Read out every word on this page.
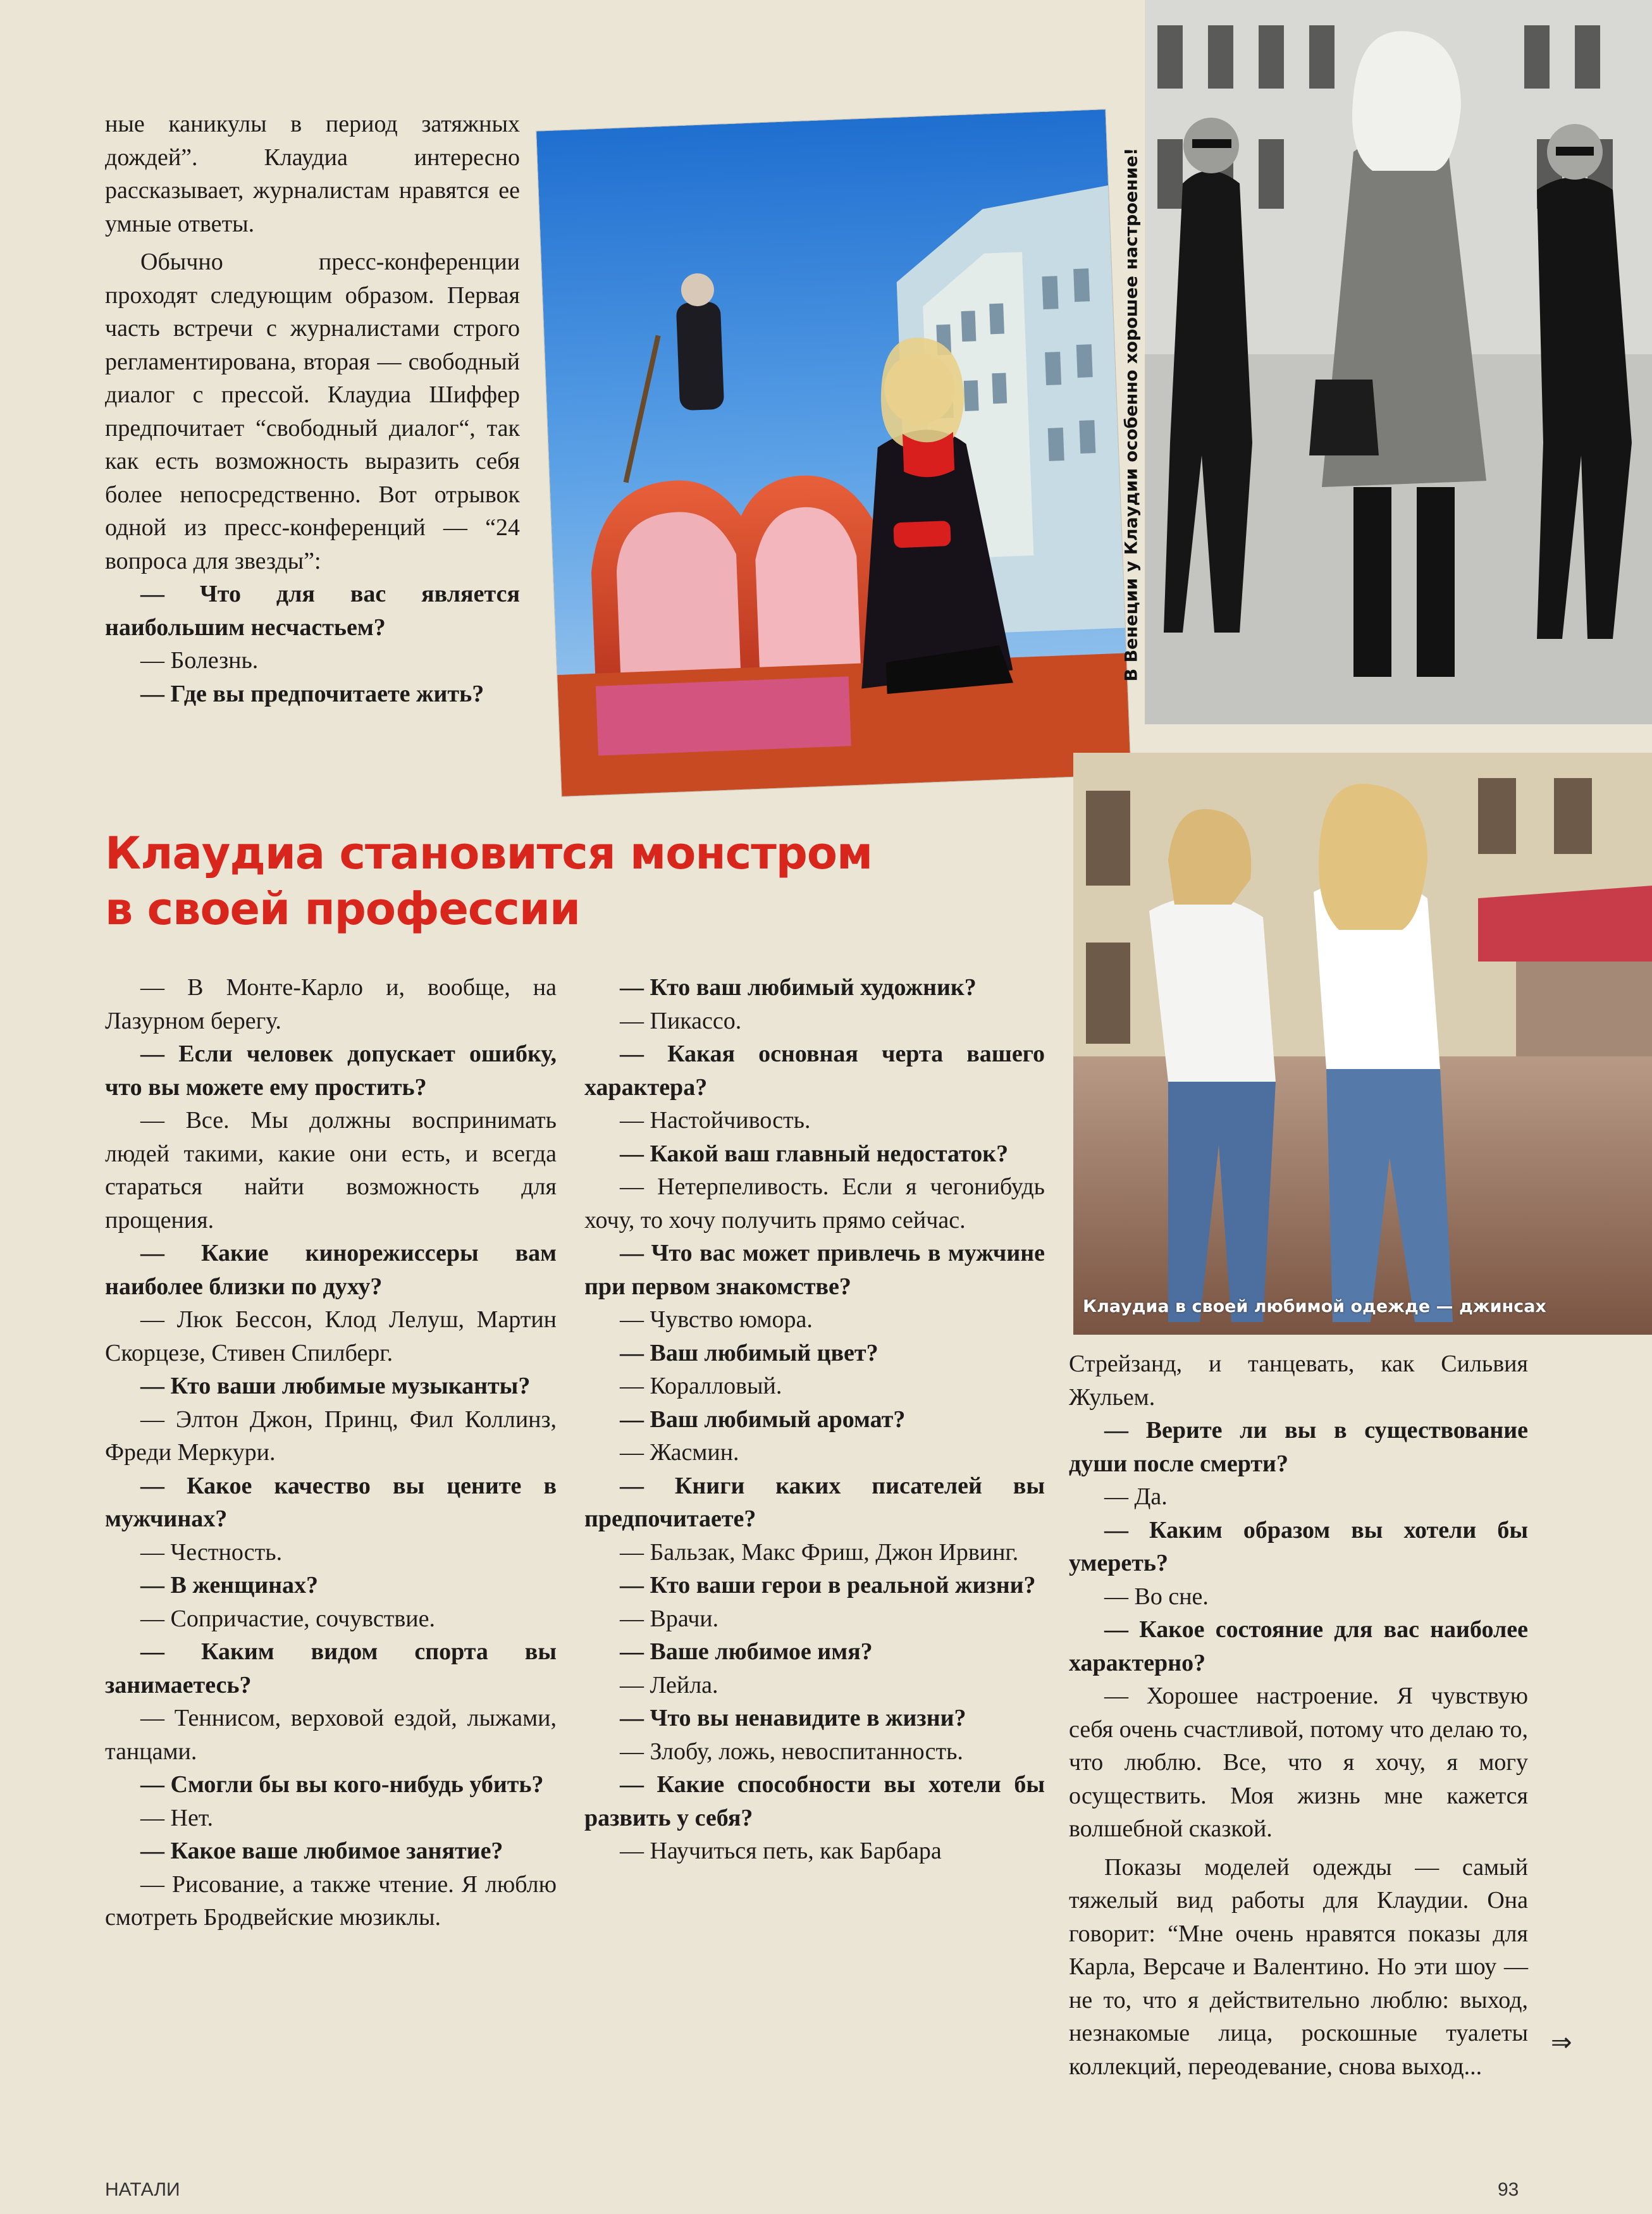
ные каникулы в период затяжных дождей”. Клаудиа интересно рассказывает, журналистам нравятся ее умные ответы.

Обычно пресс-конференции проходят следующим образом. Первая часть встречи с журналистами строго регламентирована, вторая — свободный диалог с прессой. Клаудиа Шиффер предпочитает “свободный диалог“, так как есть возможность выразить себя более непосредственно. Вот отрывок одной из пресс-конференций — “24 вопроса для звезды”:

— Что для вас является наибольшим несчастьем?

— Болезнь.

— Где вы предпочитаете жить?

В Венеции у Клаудии особенно хорошее настроение!
Клаудиа становится монстром
в своей профессии
Клаудиа в своей любимой одежде — джинсах

— В Монте-Карло и, вообще, на Лазурном берегу.

— Если человек допускает ошибку, что вы можете ему простить?

— Все. Мы должны воспринимать людей такими, какие они есть, и всегда стараться найти возможность для прощения.

— Какие кинорежиссеры вам наиболее близки по духу?

— Люк Бессон, Клод Лелуш, Мартин Скорцезе, Стивен Спилберг.

— Кто ваши любимые музыканты?

— Элтон Джон, Принц, Фил Коллинз, Фреди Меркури.

— Какое качество вы цените в мужчинах?

— Честность.

— В женщинах?

— Сопричастие, сочувствие.

— Каким видом спорта вы занимаетесь?

— Теннисом, верховой ездой, лыжами, танцами.

— Смогли бы вы кого-нибудь убить?

— Нет.

— Какое ваше любимое занятие?

— Рисование, а также чтение. Я люблю смотреть Бродвейские мюзиклы.

— Кто ваш любимый художник?

— Пикассо.

— Какая основная черта вашего характера?

— Настойчивость.

— Какой ваш главный недостаток?

— Нетерпеливость. Если я чегонибудь хочу, то хочу получить прямо сейчас.

— Что вас может привлечь в мужчине при первом знакомстве?

— Чувство юмора.

— Ваш любимый цвет?

— Коралловый.

— Ваш любимый аромат?

— Жасмин.

— Книги каких писателей вы предпочитаете?

— Бальзак, Макс Фриш, Джон Ирвинг.

— Кто ваши герои в реальной жизни?

— Врачи.

— Ваше любимое имя?

— Лейла.

— Что вы ненавидите в жизни?

— Злобу, ложь, невоспитанность.

— Какие способности вы хотели бы развить у себя?

— Научиться петь, как Барбара

Стрейзанд, и танцевать, как Сильвия Жульем.

— Верите ли вы в существование души после смерти?

— Да.

— Каким образом вы хотели бы умереть?

— Во сне.

— Какое состояние для вас наиболее характерно?

— Хорошее настроение. Я чувствую себя очень счастливой, потому что делаю то, что люблю. Все, что я хочу, я могу осуществить. Моя жизнь мне кажется волшебной сказкой.

Показы моделей одежды — самый тяжелый вид работы для Клаудии. Она говорит: “Мне очень нравятся показы для Карла, Версаче и Валентино. Но эти шоу — не то, что я действительно люблю: выход, незнакомые лица, роскошные туалеты коллекций, переодевание, снова выход...

⇒
НАТАЛИ	93
